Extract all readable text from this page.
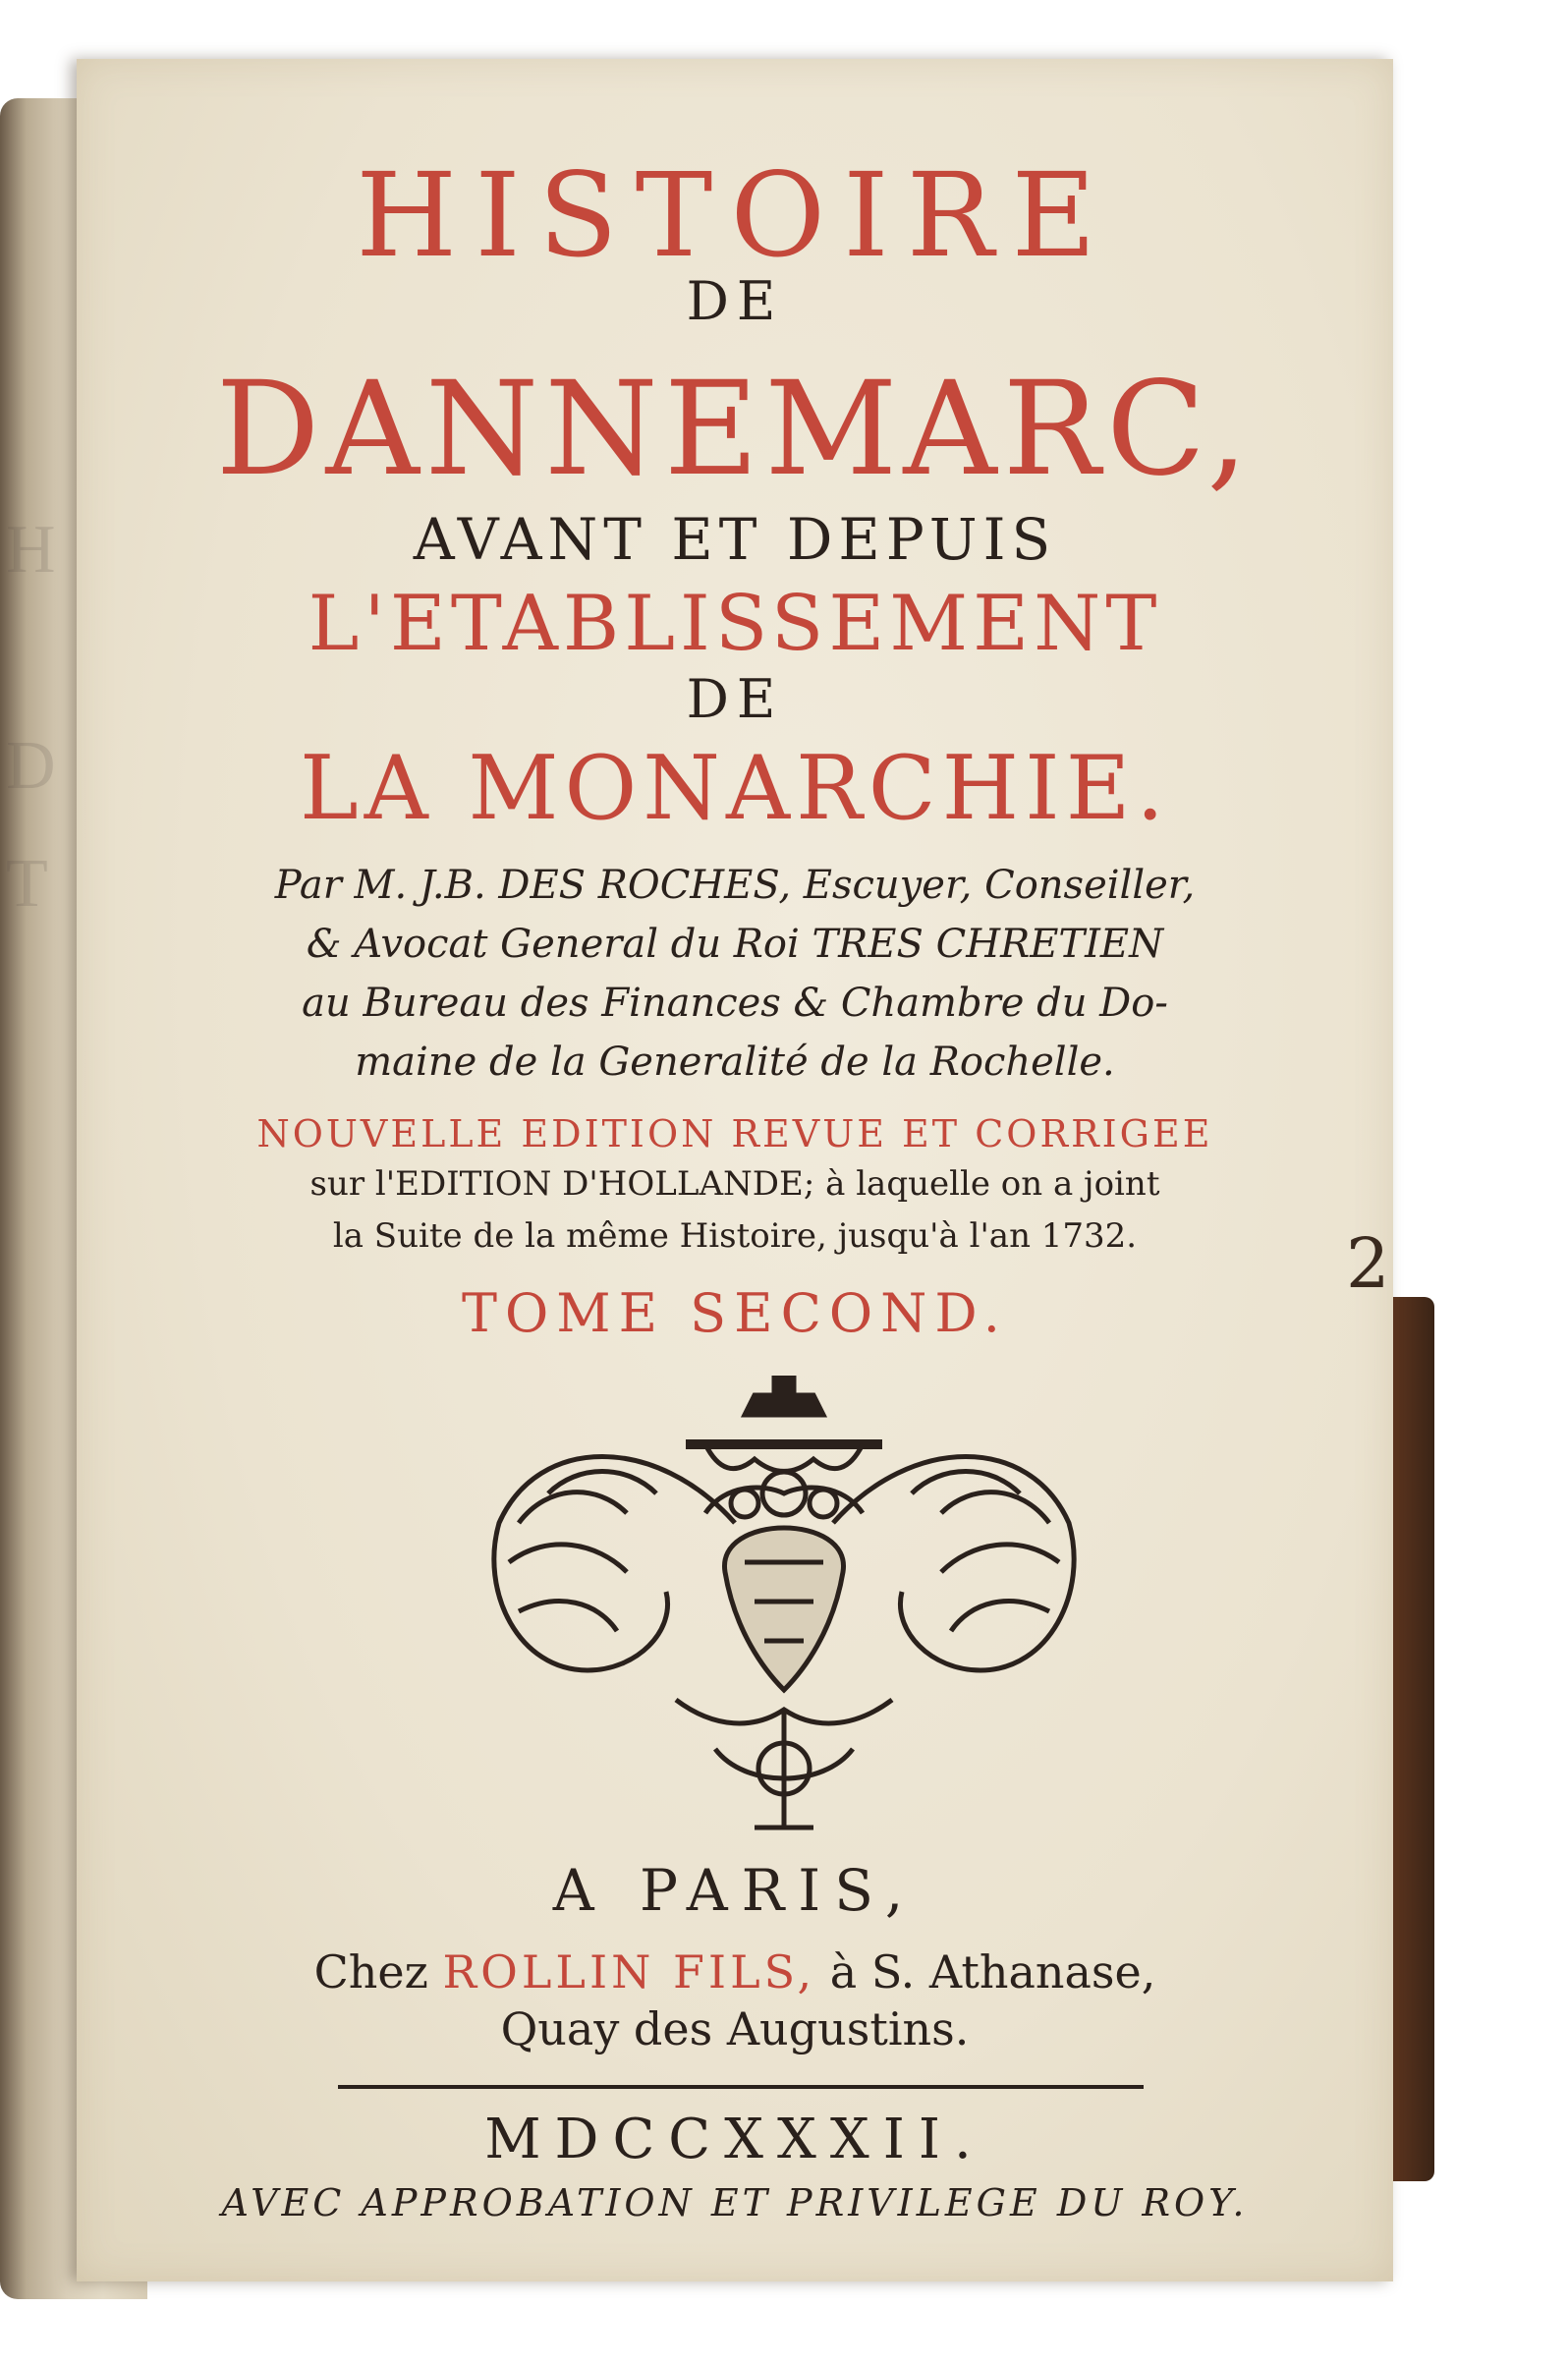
H
D
T
HISTOIRE
DE
DANNEMARC,
AVANT ET DEPUIS
L'ETABLISSEMENT
DE
LA MONARCHIE.
Par M. J.B. DES ROCHES, Escuyer, Conseiller,
& Avocat General du Roi TRES CHRETIEN
au Bureau des Finances & Chambre du Do-
maine de la Generalité de la Rochelle.
NOUVELLE EDITION REVUE ET CORRIGEE
sur l'EDITION D'HOLLANDE; à laquelle on a joint
la Suite de la même Histoire, jusqu'à l'an 1732.
TOME SECOND.
A PARIS,
Chez ROLLIN FILS, à S. Athanase,
Quay des Augustins.
MDCCXXXII.
AVEC APPROBATION ET PRIVILEGE DU ROY.
2
